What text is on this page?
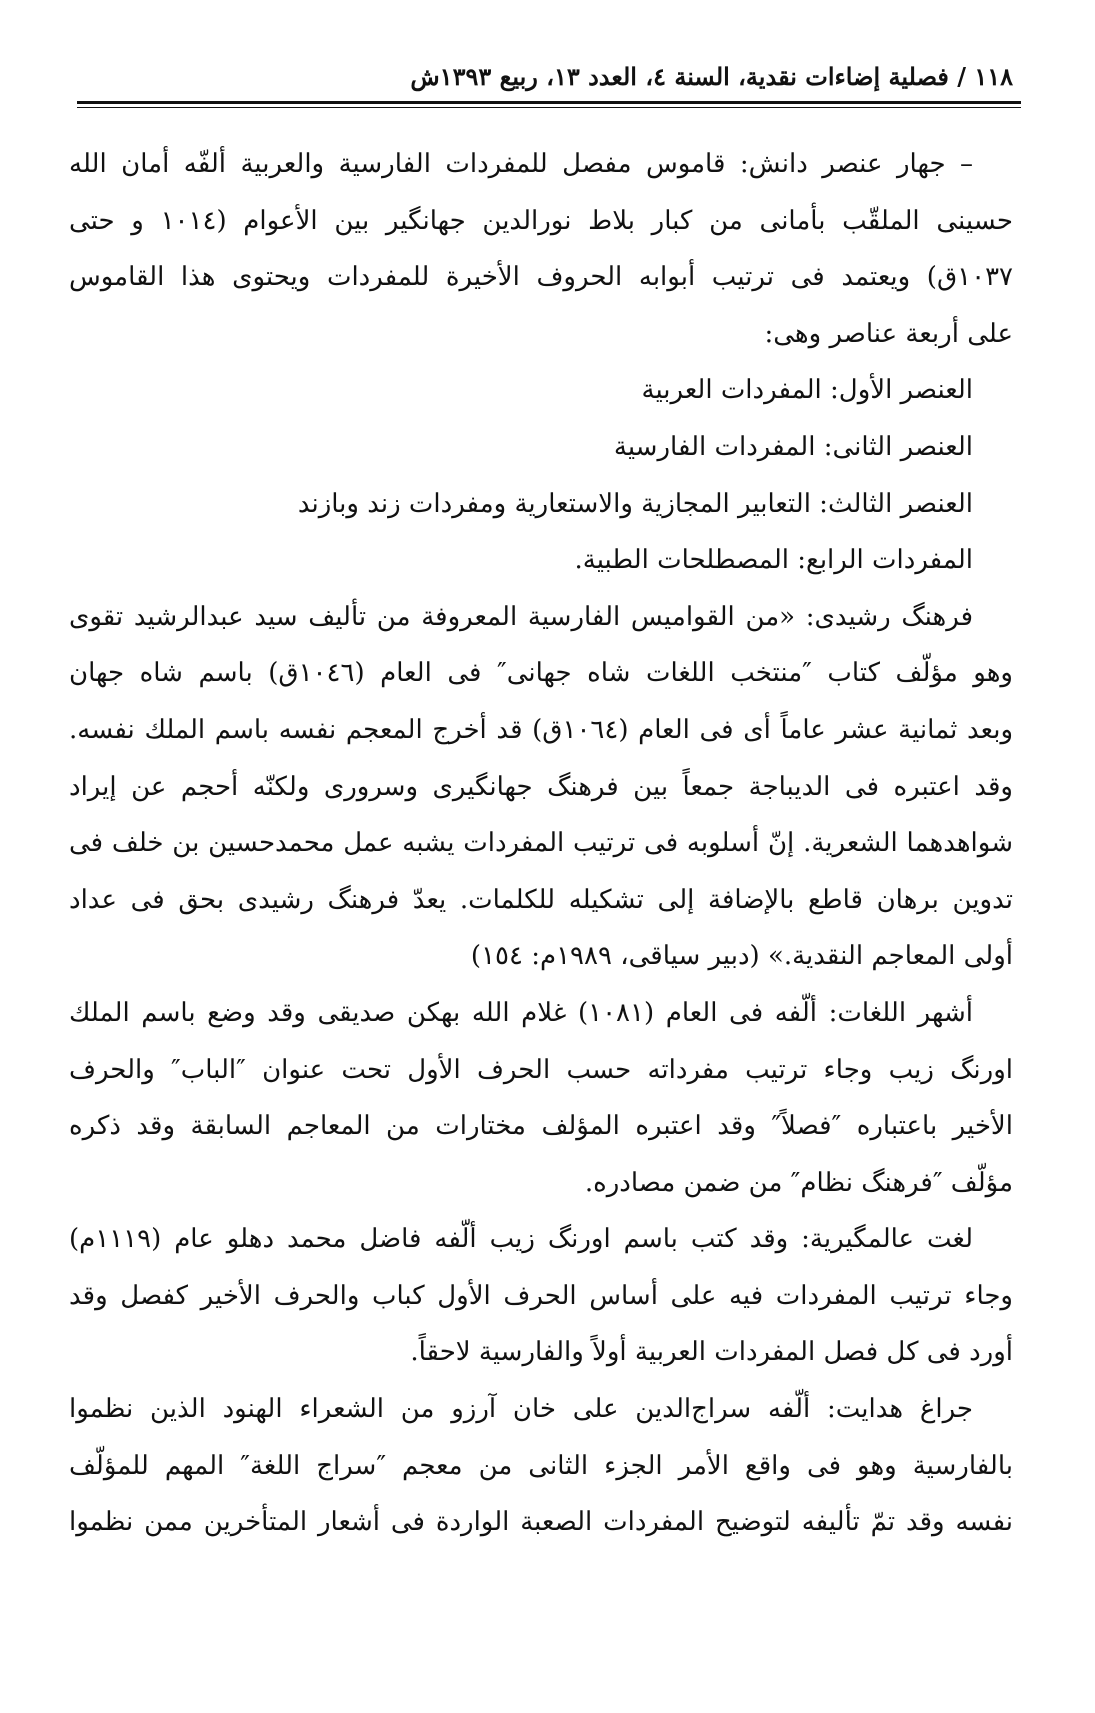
١١٨ / فصلية إضاءات نقدية، السنة ٤، العدد ١٣، ربيع ١٣٩٣ش
– جهار عنصر دانش: قاموس مفصل للمفردات الفارسية والعربية ألفّه أمان الله
حسينى الملقّب بأمانى من كبار بلاط نورالدين جهانگير بين الأعوام (١٠١٤ و حتى
١٠٣٧ق) ويعتمد فى ترتيب أبوابه الحروف الأخيرة للمفردات ويحتوى هذا القاموس
على أربعة عناصر وهى:
العنصر الأول: المفردات العربية
العنصر الثانى: المفردات الفارسية
العنصر الثالث: التعابير المجازية والاستعارية ومفردات زند وبازند
المفردات الرابع: المصطلحات الطبية.
فرهنگ رشيدى: «من القواميس الفارسية المعروفة من تأليف سيد عبدالرشيد تقوى
وهو مؤلّف كتاب ″منتخب اللغات شاه جهانى″ فى العام (١٠٤٦ق) باسم شاه جهان
وبعد ثمانية عشر عاماً أى فى العام (١٠٦٤ق) قد أخرج المعجم نفسه باسم الملك نفسه.
وقد اعتبره فى الديباجة جمعاً بين فرهنگ جهانگيرى وسرورى ولكنّه أحجم عن إيراد
شواهدهما الشعرية. إنّ أسلوبه فى ترتيب المفردات يشبه عمل محمدحسين بن خلف فى
تدوين برهان قاطع بالإضافة إلى تشكيله للكلمات. يعدّ فرهنگ رشيدى بحق فى عداد
أولى المعاجم النقدية.» (دبير سياقى، ١٩٨٩م: ١٥٤)
أشهر اللغات: ألّفه فى العام (١٠٨١) غلام الله بهكن صديقى وقد وضع باسم الملك
اورنگ زيب وجاء ترتيب مفرداته حسب الحرف الأول تحت عنوان ″الباب″ والحرف
الأخير باعتباره ″فصلاً″ وقد اعتبره المؤلف مختارات من المعاجم السابقة وقد ذكره
مؤلّف ″فرهنگ نظام″ من ضمن مصادره.
لغت عالمگيرية: وقد كتب باسم اورنگ زيب ألّفه فاضل محمد دهلو عام (١١١٩م)
وجاء ترتيب المفردات فيه على أساس الحرف الأول كباب والحرف الأخير كفصل وقد
أورد فى كل فصل المفردات العربية أولاً والفارسية لاحقاً.
جراغ هدايت: ألّفه سراج‌الدين على خان آرزو من الشعراء الهنود الذين نظموا
بالفارسية وهو فى واقع الأمر الجزء الثانى من معجم ″سراج اللغة″ المهم للمؤلّف
نفسه وقد تمّ تأليفه لتوضيح المفردات الصعبة الواردة فى أشعار المتأخرين ممن نظموا
